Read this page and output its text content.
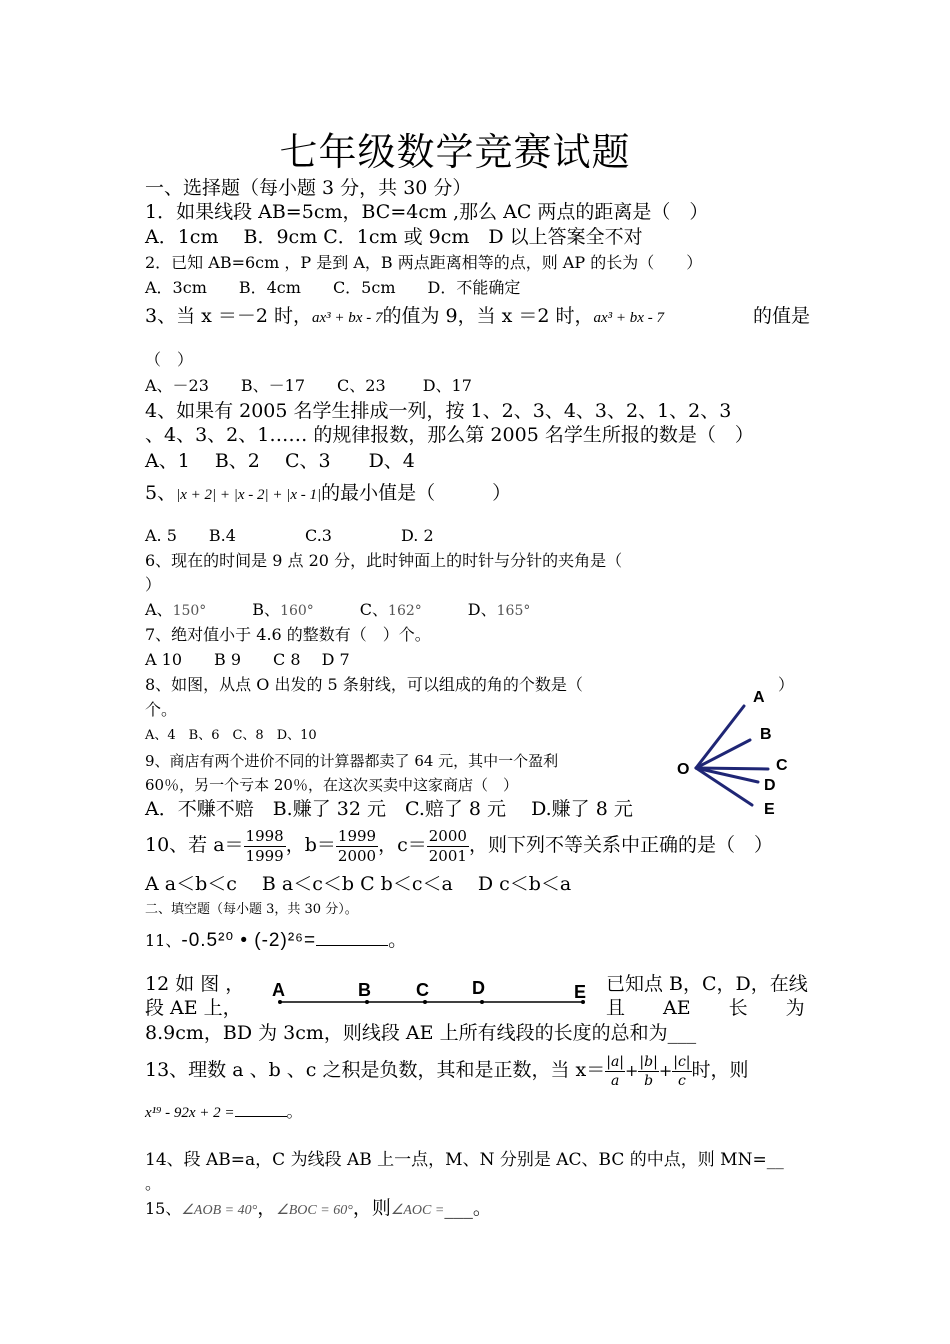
七年级数学竞赛试题
一、选择题（每小题 3 分，共 30 分）
1．如果线段 AB=5cm，BC=4cm ,那么 AC 两点的距离是（　）
A．1cm　 B．9cm C．1cm 或 9cm　D 以上答案全不对
2．已知 AB=6cm ，P 是到 A，B 两点距离相等的点，则 AP 的长为（　　）
A．3cm　　B．4cm　　C．5cm　　D．不能确定
3、当 x ＝－2 时，ax³ + bx - 7的值为 9，当 x ＝2 时，ax³ + bx - 7	的值是
（　）
A、－23　　B、－17　　C、23　　 D、17
4、如果有 2005 名学生排成一列，按 1、2、3、4、3、2、1、2、3
、4、3、2、1…… 的规律报数，那么第 2005 名学生所报的数是（　）
A、1　 B、2　 C、3　　D、4
5、|x + 2| + |x - 2| + |x - 1|的最小值是（　　　）
A. 5　　B.4　　　　 C.3　　　　 D. 2
6、现在的时间是 9 点 20 分，此时钟面上的时针与分针的夹角是（
）
A、150°	B、160°	C、162°	D、165°
7、绝对值小于 4.6 的整数有（　）个。
A 10　　B 9　　C 8　 D 7
8、如图，从点 O 出发的 5 条射线，可以组成的角的个数是（	）
个。
A、4　B、6　C、8　D、10
A
B
C
D
E
O
9、商店有两个进价不同的计算器都卖了 64 元，其中一个盈利
60％，另一个亏本 20％，在这次买卖中这家商店（　）
A．不赚不赔　B.赚了 32 元　C.赔了 8 元　 D.赚了 8 元
10、若 $a= \frac{1998}{1999}$ ，$b= \frac{1999}{2000}$ ，$c= \frac{2000}{2001}$ ，则下列不等关系中正确的是（　）
A a＜b＜c　 B a＜c＜b C b＜c＜a　 D c＜b＜a
二、填空题（每小题 3，共 30 分）。
11、-0.5²⁰ • (-2)²⁶=	。
12 如 图 ，
段 AE 上，
已知点 B，C，D，在线
且　　AE　　长　　为
A	B	C D	E
8.9cm，BD 为 3cm，则线段 AE 上所有线段的长度的总和为___
13、理数 a 、b 、c 之积是负数，其和是正数，当 $x= \frac{|a|}{a}+ \frac{|b|}{b}+ \frac{|c|}{c}$时，则
x¹⁹ - 92x + 2 =	。
14、段 AB=a，C 为线段 AB 上一点，M、N 分别是 AC、BC 的中点，则 MN=__
。
15、∠AOB = 40°，∠BOC = 60°，则∠AOC =___。
